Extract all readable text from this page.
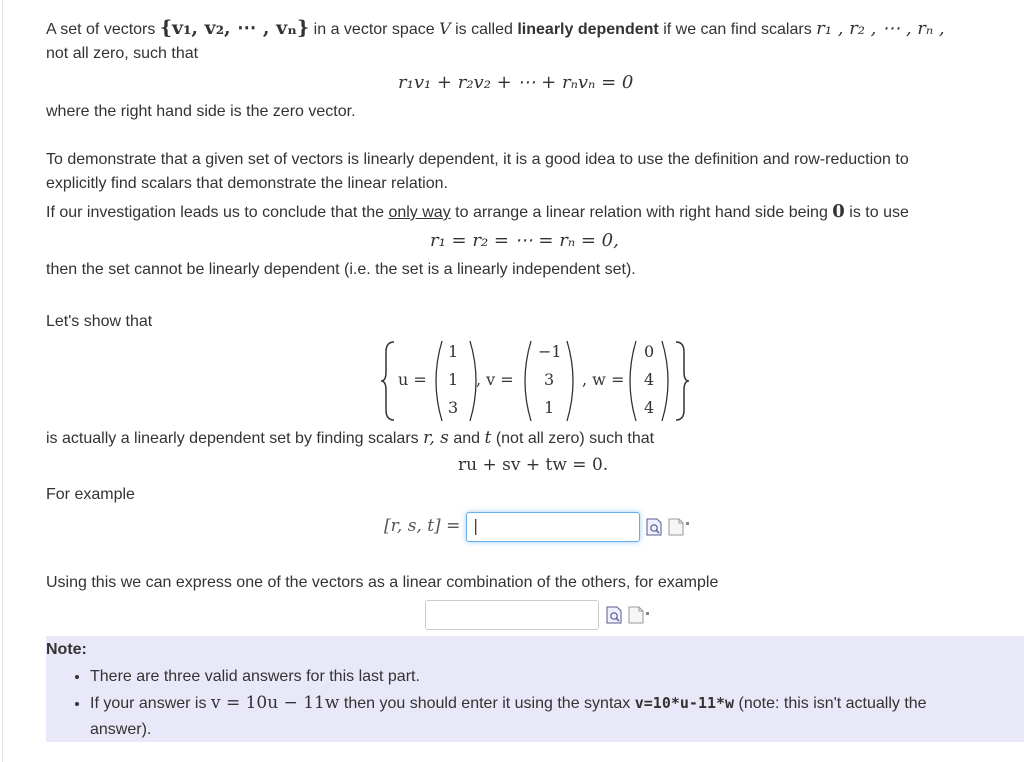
A set of vectors {v₁, v₂, ⋯ , vₙ} in a vector space V is called linearly dependent if we can find scalars r₁ , r₂ , ⋯ , rₙ ,
not all zero, such that
r₁v₁ + r₂v₂ + ⋯ + rₙvₙ = 0
where the right hand side is the zero vector.
To demonstrate that a given set of vectors is linearly dependent, it is a good idea to use the definition and row-reduction to
explicitly find scalars that demonstrate the linear relation.
If our investigation leads us to conclude that the only way to arrange a linear relation with right hand side being 0 is to use
r₁ = r₂ = ⋯ = rₙ = 0,
then the set cannot be linearly dependent (i.e. the set is a linearly independent set).
Let's show that
u =
1
1
3
, v =
−1
3
1
, w =
0
4
4
is actually a linearly dependent set by finding scalars r, s and t (not all zero) such that
ru + sv + tw = 0.
For example
[r, s, t] = |
Using this we can express one of the vectors as a linear combination of the others, for example
Note:
• There are three valid answers for this last part.
• If your answer is v = 10u − 11w then you should enter it using the syntax v=10*u-11*w (note: this isn't actually the
answer).
